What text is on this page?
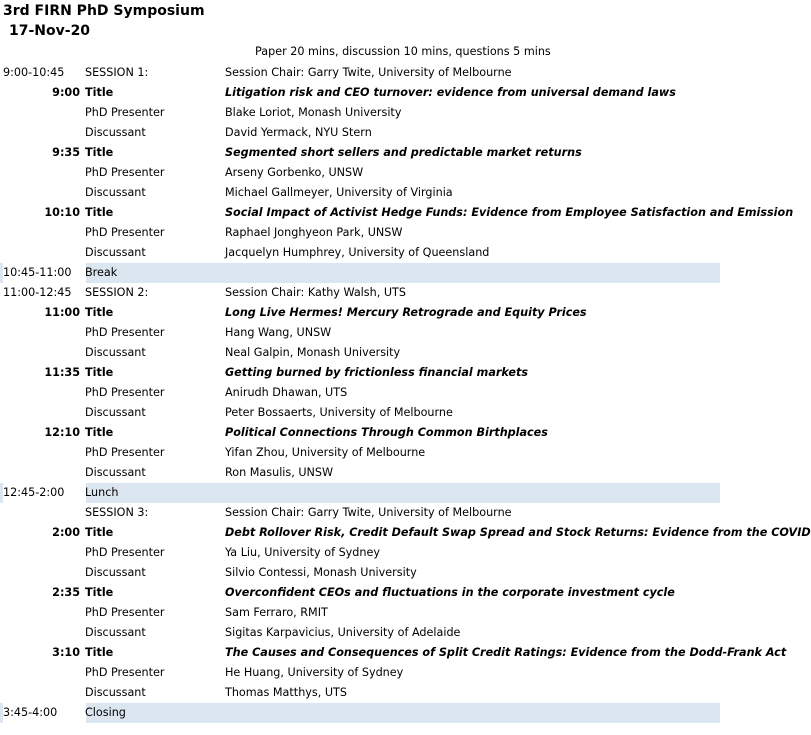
3rd FIRN PhD Symposium
17-Nov-20
Paper 20 mins, discussion 10 mins, questions 5 mins
9:00-10:45	SESSION 1:	Session Chair: Garry Twite, University of Melbourne
9:00 Title	Litigation risk and CEO turnover: evidence from universal demand laws
PhD Presenter	Blake Loriot, Monash University
Discussant	David Yermack, NYU Stern
9:35 Title	Segmented short sellers and predictable market returns
PhD Presenter	Arseny Gorbenko, UNSW
Discussant	Michael Gallmeyer, University of Virginia
10:10 Title	Social Impact of Activist Hedge Funds: Evidence from Employee Satisfaction and Emission
PhD Presenter	Raphael Jonghyeon Park, UNSW
Discussant	Jacquelyn Humphrey, University of Queensland
10:45-11:00	Break
11:00-12:45	SESSION 2:	Session Chair: Kathy Walsh, UTS
11:00 Title	Long Live Hermes! Mercury Retrograde and Equity Prices
PhD Presenter	Hang Wang, UNSW
Discussant	Neal Galpin, Monash University
11:35 Title	Getting burned by frictionless financial markets
PhD Presenter	Anirudh Dhawan, UTS
Discussant	Peter Bossaerts, University of Melbourne
12:10 Title	Political Connections Through Common Birthplaces
PhD Presenter	Yifan Zhou, University of Melbourne
Discussant	Ron Masulis, UNSW
12:45-2:00	Lunch
SESSION 3:	Session Chair: Garry Twite, University of Melbourne
2:00 Title	Debt Rollover Risk, Credit Default Swap Spread and Stock Returns: Evidence from the COVID
PhD Presenter	Ya Liu, University of Sydney
Discussant	Silvio Contessi, Monash University
2:35 Title	Overconfident CEOs and fluctuations in the corporate investment cycle
PhD Presenter	Sam Ferraro, RMIT
Discussant	Sigitas Karpavicius, University of Adelaide
3:10 Title	The Causes and Consequences of Split Credit Ratings: Evidence from the Dodd-Frank Act
PhD Presenter	He Huang, University of Sydney
Discussant	Thomas Matthys, UTS
3:45-4:00	Closing
